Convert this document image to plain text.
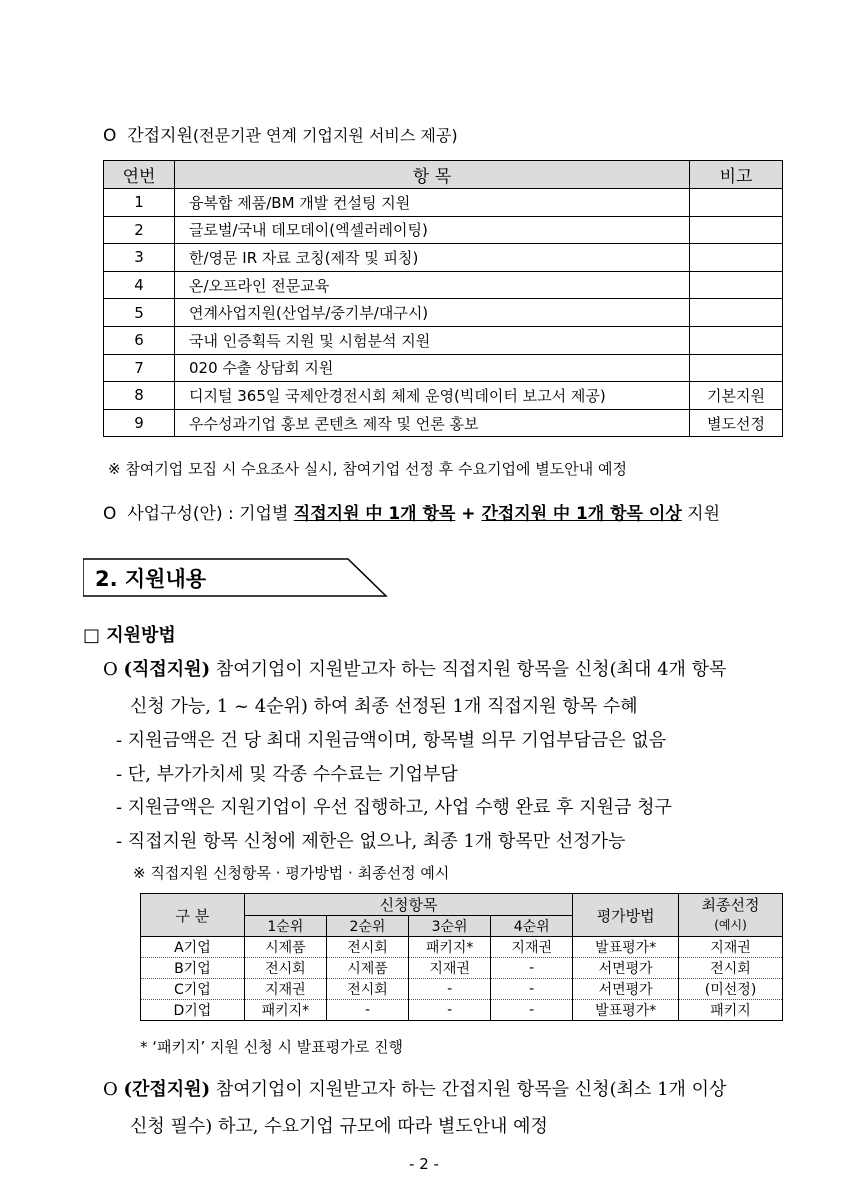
O 간접지원(전문기관 연계 기업지원 서비스 제공)
연번	항 목	비고
1	융복합 제품/BM 개발 컨설팅 지원	
2	글로벌/국내 데모데이(엑셀러레이팅)	
3	한/영문 IR 자료 코칭(제작 및 피칭)	
4	온/오프라인 전문교육	
5	연계사업지원(산업부/중기부/대구시)	
6	국내 인증획득 지원 및 시험분석 지원	
7	020 수출 상담회 지원	
8	디지털 365일 국제안경전시회 체제 운영(빅데이터 보고서 제공)	기본지원
9	우수성과기업 홍보 콘텐츠 제작 및 언론 홍보	별도선정
※ 참여기업 모집 시 수요조사 실시, 참여기업 선정 후 수요기업에 별도안내 예정
O 사업구성(안) : 기업별 직접지원 中 1개 항목 + 간접지원 中 1개 항목 이상 지원
2. 지원내용
□ 지원방법
O (직접지원) 참여기업이 지원받고자 하는 직접지원 항목을 신청(최대 4개 항목
신청 가능, 1 ~ 4순위) 하여 최종 선정된 1개 직접지원 항목 수혜
- 지원금액은 건 당 최대 지원금액이며, 항목별 의무 기업부담금은 없음
- 단, 부가가치세 및 각종 수수료는 기업부담
- 지원금액은 지원기업이 우선 집행하고, 사업 수행 완료 후 지원금 청구
- 직접지원 항목 신청에 제한은 없으나, 최종 1개 항목만 선정가능
※ 직접지원 신청항목 · 평가방법 · 최종선정 예시
구 분	신청항목				평가방법	최종선정
(예시)
	1순위	2순위	3순위	4순위		
A기업	시제품	전시회	패키지*	지재권	발표평가*	지재권
B기업	전시회	시제품	지재권	-	서면평가	전시회
C기업	지재권	전시회	-	-	서면평가	(미선정)
D기업	패키지*	-	-	-	발표평가*	패키지
* ‘패키지’ 지원 신청 시 발표평가로 진행
O (간접지원) 참여기업이 지원받고자 하는 간접지원 항목을 신청(최소 1개 이상
신청 필수) 하고, 수요기업 규모에 따라 별도안내 예정
- 2 -
